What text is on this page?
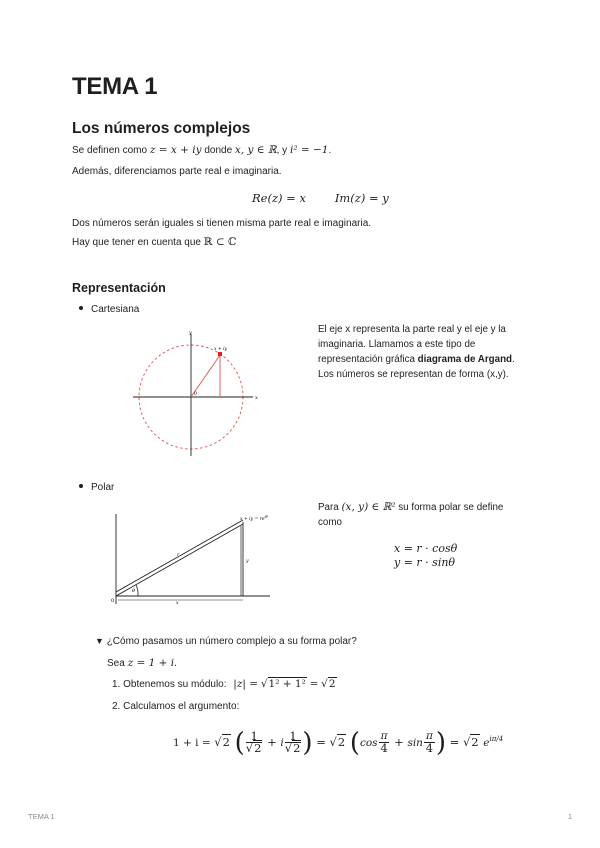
TEMA 1
Los números complejos
Se definen como z = x + iy donde x, y ∈ ℝ, y i² = −1.
Además, diferenciamos parte real e imaginaria.
Re(z) = x	Im(z) = y
Dos números serán iguales si tienen misma parte real e imaginaria.
Hay que tener en cuenta que ℝ ⊂ ℂ
Representación
Cartesiana
y
x
x + iy
0
El eje x representa la parte real y el eje y la imaginaria. Llamamos a este tipo de representación gráfica diagrama de Argand. Los números se representan de forma (x,y).
Polar
θ
0
r
x
y
x + iy = $re^{i\theta}$
Para (x, y) ∈ ℝ² su forma polar se define como
x = r · cosθ
y = r · sinθ
▼ ¿Cómo pasamos un número complejo a su forma polar?
Sea z = 1 + i.
1. Obtenemos su módulo: |z| = √1² + 1² = √2
2. Calculamos el argumento:
1 + i = √2 ( $\frac{1}{√2} + i \frac{1}{√2}$ ) = √2 ($\cos \frac{\pi}{4} + \sin \frac{\pi}{4}$ ) = √2 $e^{i\pi/4}$
TEMA 1	1
